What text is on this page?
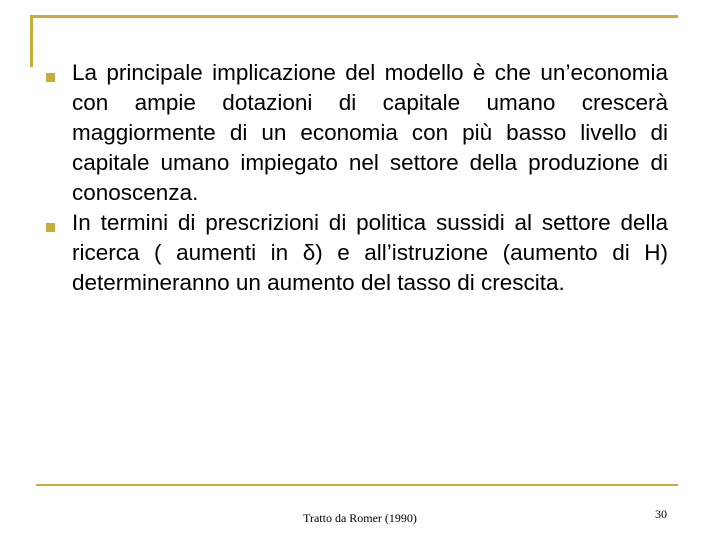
La principale implicazione del modello è che un’economia con ampie dotazioni di capitale umano crescerà maggiormente di un economia con più basso livello di capitale umano impiegato nel settore della produzione di conoscenza.
In termini di prescrizioni di politica sussidi al settore della ricerca ( aumenti in δ) e all’istruzione (aumento di H) determineranno un aumento del tasso di crescita.
Tratto da Romer (1990)	30
